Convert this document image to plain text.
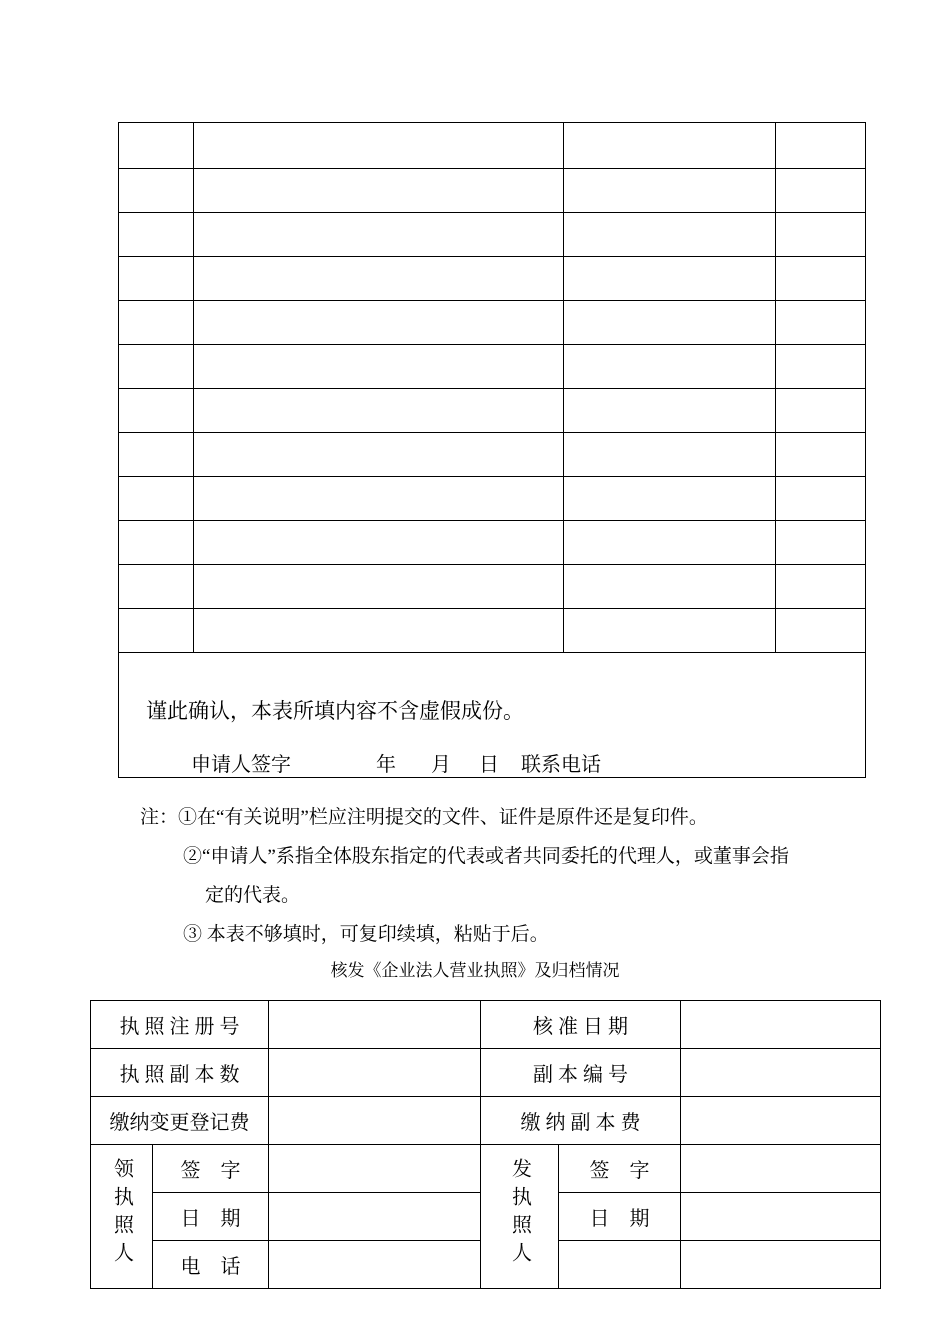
谨此确认，本表所填内容不含虚假成份。
申请人签字 年 月 日 联系电话			
注：①在“有关说明”栏应注明提交的文件、证件是原件还是复印件。
②“申请人”系指全体股东指定的代表或者共同委托的代理人，或董事会指
定的代表。
③ 本表不够填时，可复印续填，粘贴于后。
核发《企业法人营业执照》及归档情况
执 照 注 册 号			核 准 日 期		
执 照 副 本 数			副 本 编 号		
缴纳变更登记费			缴 纳 副 本 费		
领执照人	签　字		发执照人	签　字	
	日　期			日　期	
	电　话				
